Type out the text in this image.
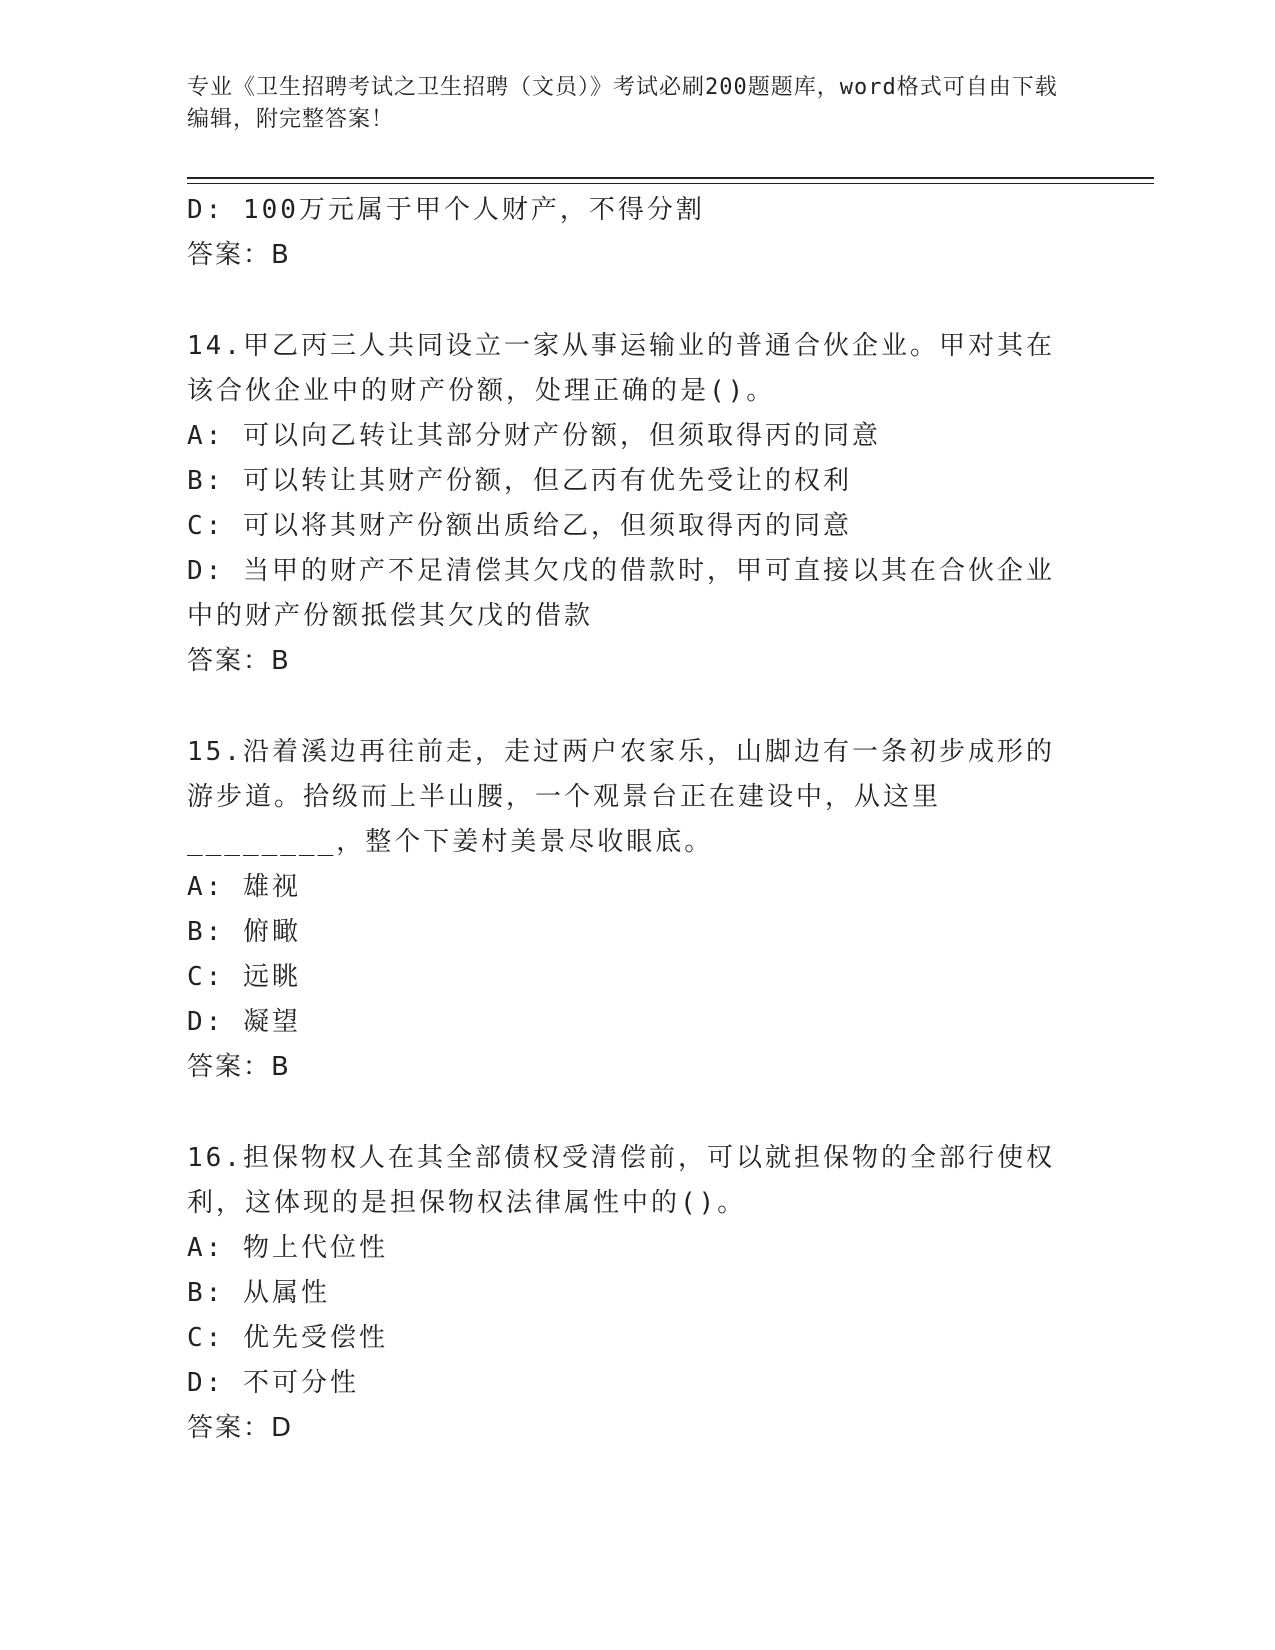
专业《卫生招聘考试之卫生招聘（文员）》考试必刷200题题库，word格式可自由下载编辑，附完整答案！
D: 100万元属于甲个人财产，不得分割
答案：B
14.甲乙丙三人共同设立一家从事运输业的普通合伙企业。甲对其在该合伙企业中的财产份额，处理正确的是()。
A: 可以向乙转让其部分财产份额，但须取得丙的同意
B: 可以转让其财产份额，但乙丙有优先受让的权利
C: 可以将其财产份额出质给乙，但须取得丙的同意
D: 当甲的财产不足清偿其欠戊的借款时，甲可直接以其在合伙企业中的财产份额抵偿其欠戊的借款
答案：B
15.沿着溪边再往前走，走过两户农家乐，山脚边有一条初步成形的游步道。拾级而上半山腰，一个观景台正在建设中，从这里________，整个下姜村美景尽收眼底。
A: 雄视
B: 俯瞰
C: 远眺
D: 凝望
答案：B
16.担保物权人在其全部债权受清偿前，可以就担保物的全部行使权利，这体现的是担保物权法律属性中的()。
A: 物上代位性
B: 从属性
C: 优先受偿性
D: 不可分性
答案：D
